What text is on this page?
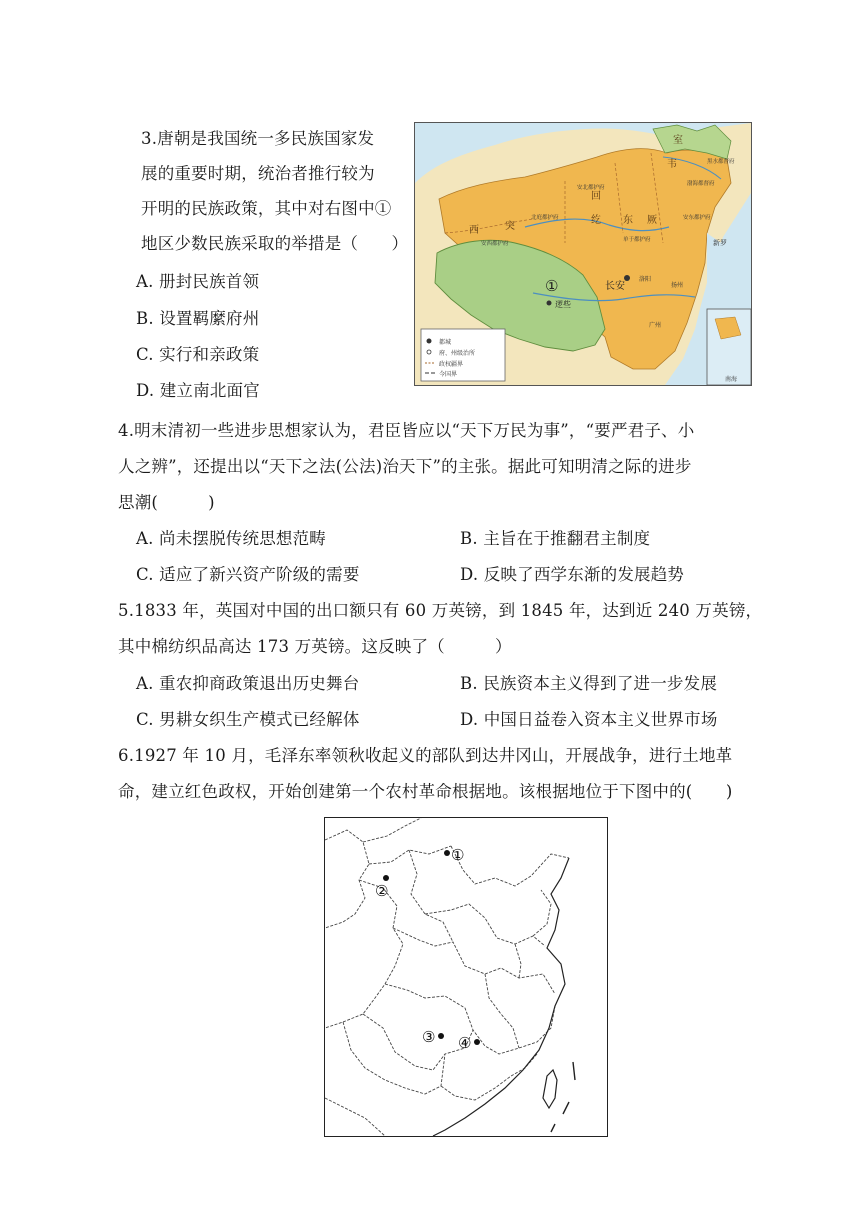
3.唐朝是我国统一多民族国家发
展的重要时期，统治者推行较为
开明的民族政策，其中对右图中①
地区少数民族采取的举措是（　　）
A. 册封民族首领
B. 设置羁縻府州
C. 实行和亲政策
D. 建立南北面官
都城
府、州级治所
政权疆界
今国界
回
纥
西	突
厥
东
室
韦	黑水都督府
渤海都督府
安北都护府
北庭都护府
安西都护府
单于都护府
安东都护府
新罗
洛阳
扬州
广州
南海
长安
①
逻些
4.明末清初一些进步思想家认为，君臣皆应以“天下万民为事”，“要严君子、小
人之辨”，还提出以“天下之法(公法)治天下”的主张。据此可知明清之际的进步
思潮(　　　)
A. 尚未摆脱传统思想范畴	B. 主旨在于推翻君主制度
C. 适应了新兴资产阶级的需要	D. 反映了西学东渐的发展趋势
5.1833 年，英国对中国的出口额只有 60 万英镑，到 1845 年，达到近 240 万英镑，
其中棉纺织品高达 173 万英镑。这反映了（　　　）
A. 重农抑商政策退出历史舞台	B. 民族资本主义得到了进一步发展
C. 男耕女织生产模式已经解体	D. 中国日益卷入资本主义世界市场
6.1927 年 10 月，毛泽东率领秋收起义的部队到达井冈山，开展战争，进行土地革
命，建立红色政权，开始创建第一个农村革命根据地。该根据地位于下图中的(　　)
①
②
③ ④
